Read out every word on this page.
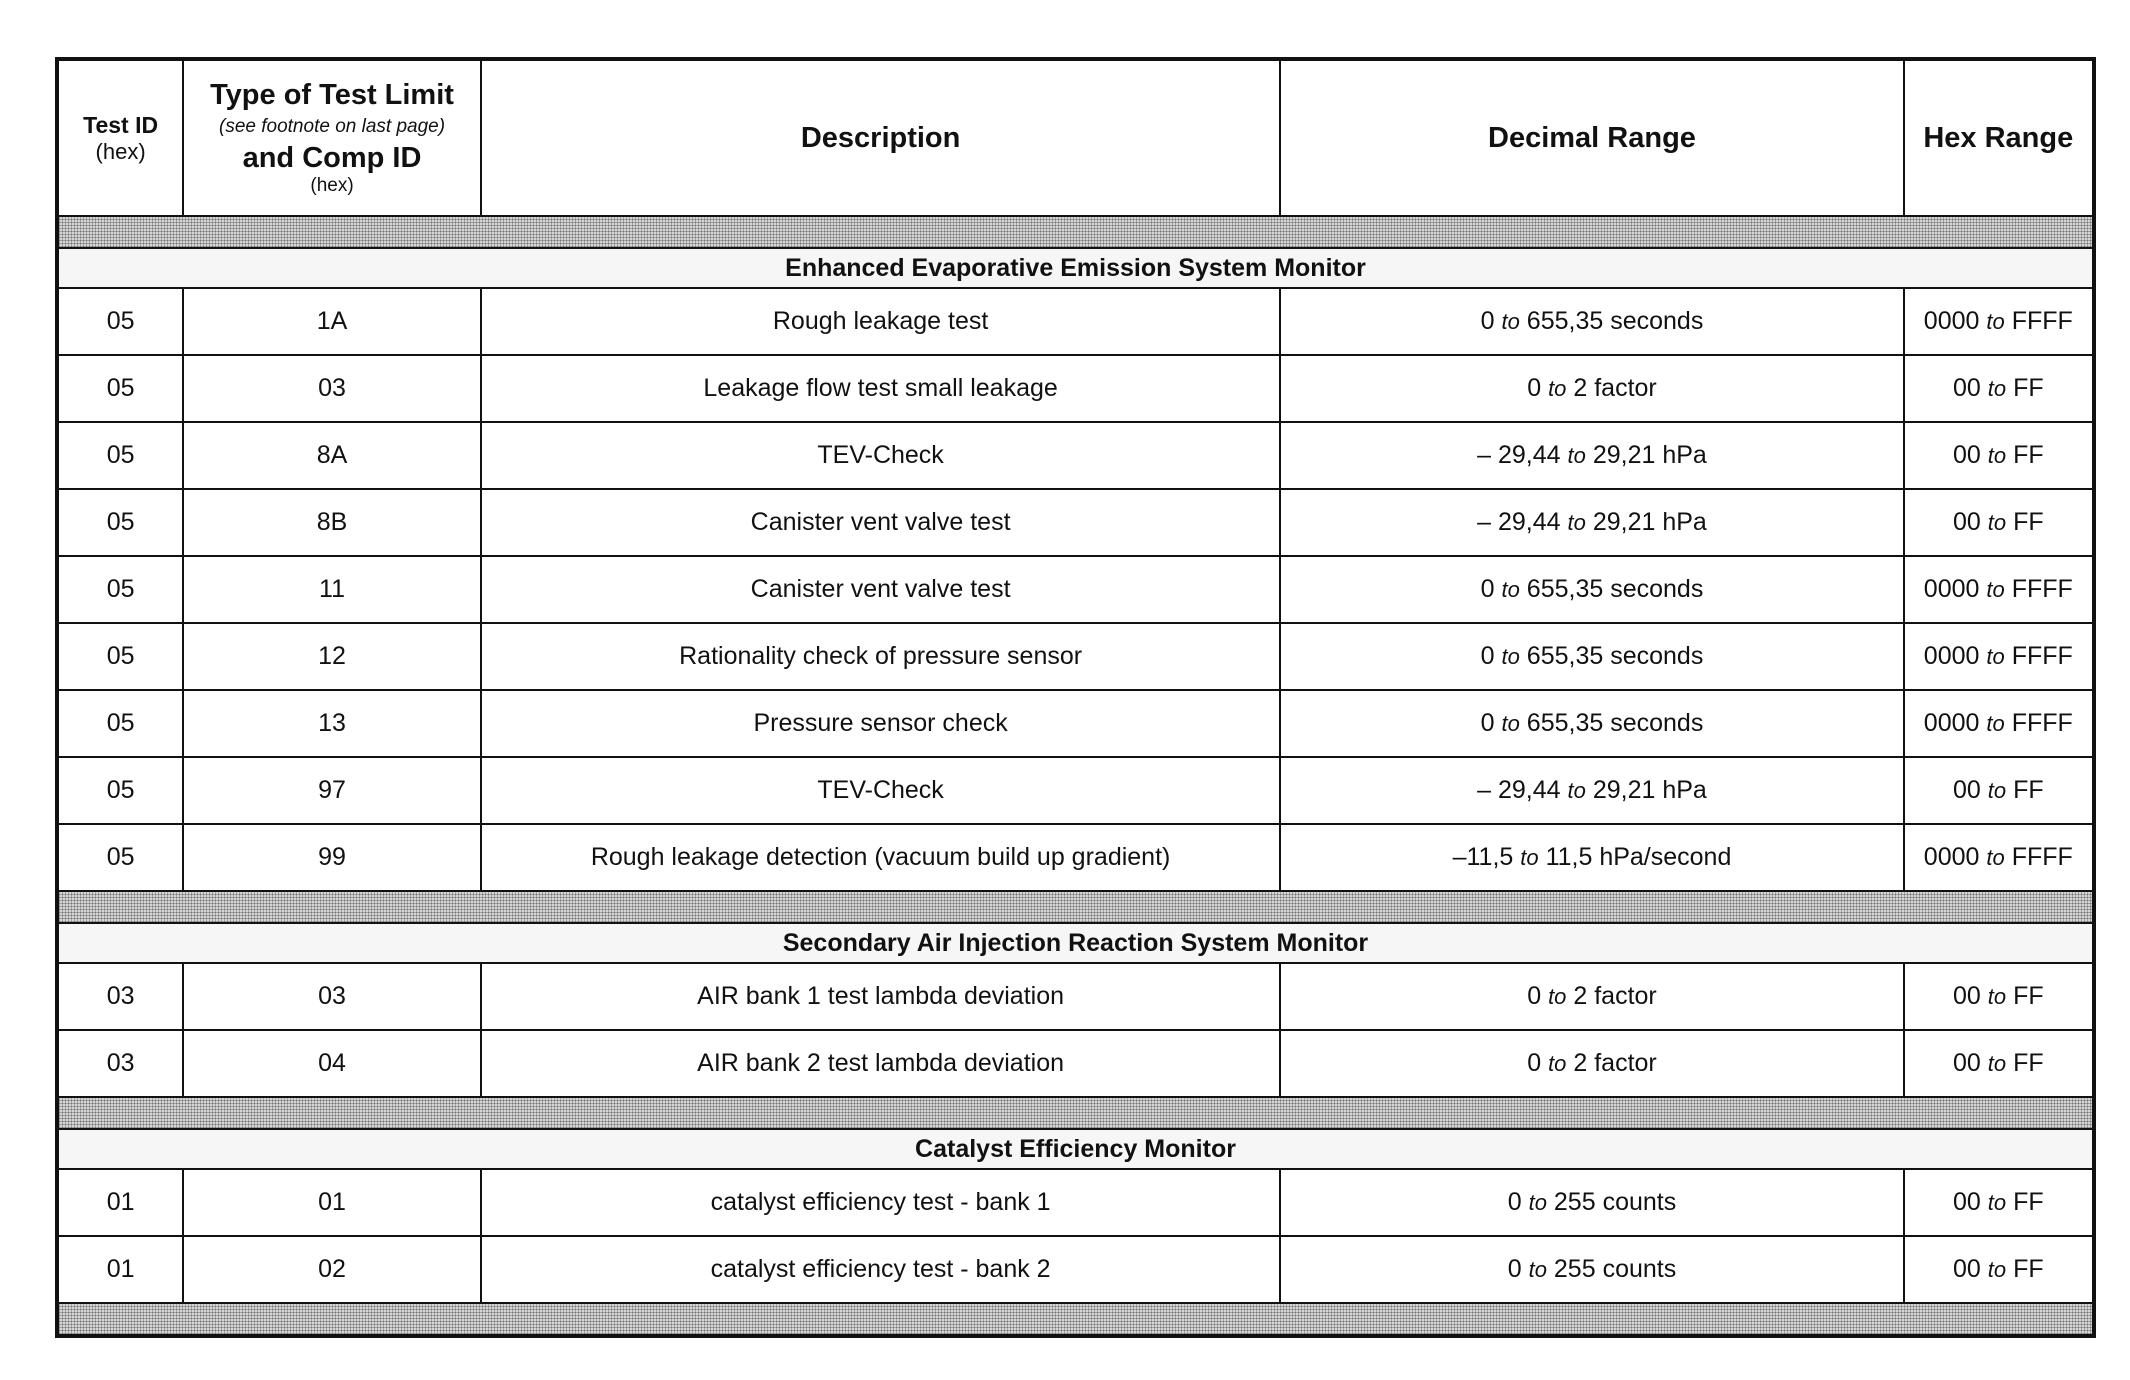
Test ID
(hex)	Type of Test Limit
(see footnote on last page)
and Comp ID
(hex)	Description	Decimal Range	Hex Range

Enhanced Evaporative Emission System Monitor				
05	1A	Rough leakage test	0 to 655,35 seconds	0000 to FFFF
05	03	Leakage flow test small leakage	0 to 2 factor	00 to FF
05	8A	TEV-Check	– 29,44 to 29,21 hPa	00 to FF
05	8B	Canister vent valve test	– 29,44 to 29,21 hPa	00 to FF
05	11	Canister vent valve test	0 to 655,35 seconds	0000 to FFFF
05	12	Rationality check of pressure sensor	0 to 655,35 seconds	0000 to FFFF
05	13	Pressure sensor check	0 to 655,35 seconds	0000 to FFFF
05	97	TEV-Check	– 29,44 to 29,21 hPa	00 to FF
05	99	Rough leakage detection (vacuum build up gradient)	–11,5 to 11,5 hPa/second	0000 to FFFF

Secondary Air Injection Reaction System Monitor				
03	03	AIR bank 1 test lambda deviation	0 to 2 factor	00 to FF
03	04	AIR bank 2 test lambda deviation	0 to 2 factor	00 to FF

Catalyst Efficiency Monitor				
01	01	catalyst efficiency test - bank 1	0 to 255 counts	00 to FF
01	02	catalyst efficiency test - bank 2	0 to 255 counts	00 to FF
